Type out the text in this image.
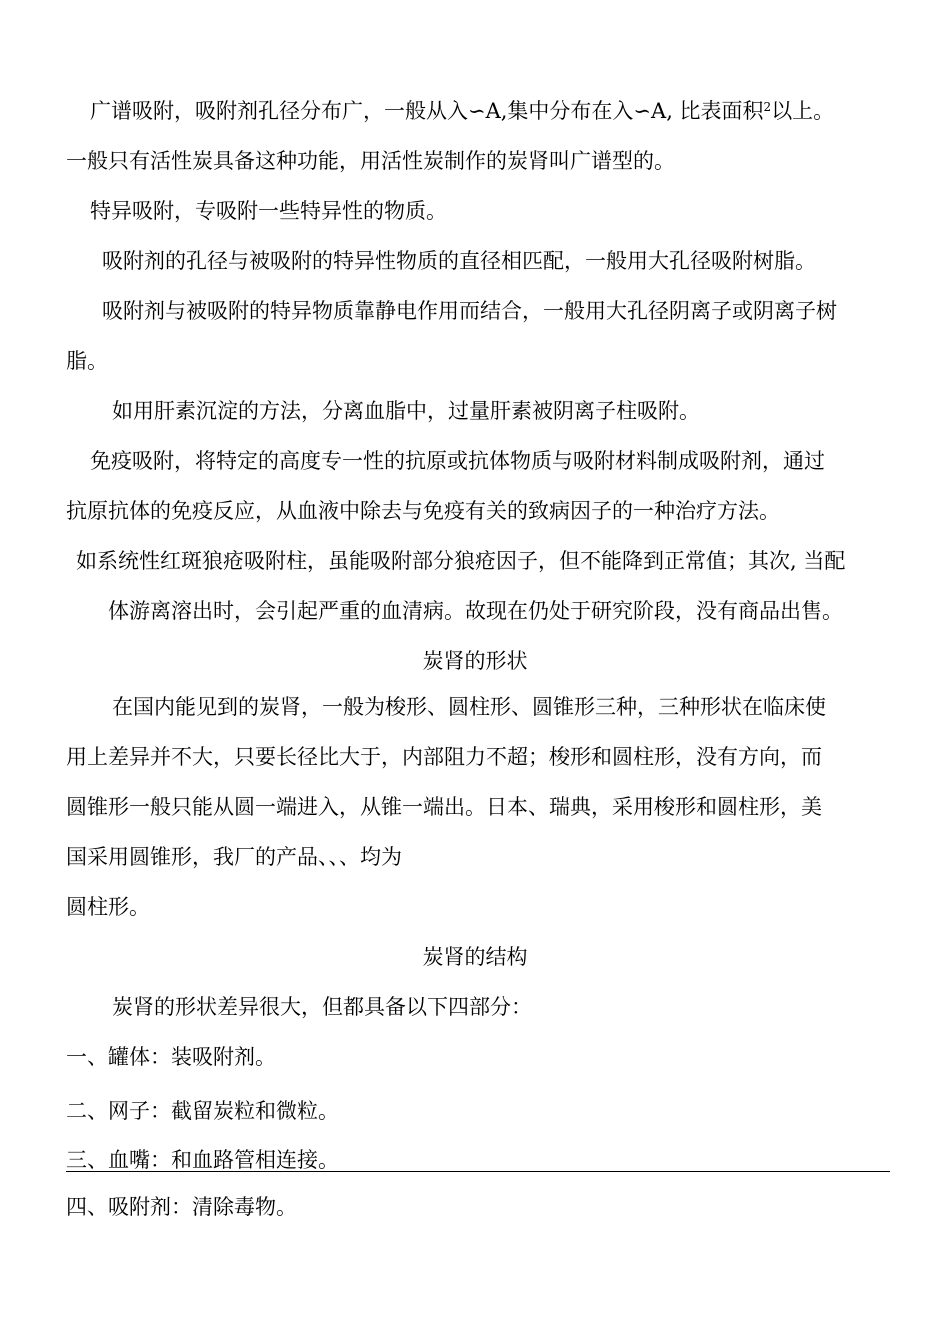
广谱吸附，吸附剂孔径分布广，一般从入∽A,集中分布在入∽A, 比表面积$^2$以上。
一般只有活性炭具备这种功能，用活性炭制作的炭肾叫广谱型的。
特异吸附，专吸附一些特异性的物质。
吸附剂的孔径与被吸附的特异性物质的直径相匹配，一般用大孔径吸附树脂。
吸附剂与被吸附的特异物质靠静电作用而结合，一般用大孔径阴离子或阴离子树
脂。
如用肝素沉淀的方法，分离血脂中，过量肝素被阴离子柱吸附。
免疫吸附，将特定的高度专一性的抗原或抗体物质与吸附材料制成吸附剂，通过
抗原抗体的免疫反应，从血液中除去与免疫有关的致病因子的一种治疗方法。
如系统性红斑狼疮吸附柱，虽能吸附部分狼疮因子，但不能降到正常值；其次, 当配
体游离溶出时，会引起严重的血清病。故现在仍处于研究阶段，没有商品出售。
炭肾的形状
在国内能见到的炭肾，一般为梭形、圆柱形、圆锥形三种，三种形状在临床使
用上差异并不大，只要长径比大于，内部阻力不超；梭形和圆柱形，没有方向，而
圆锥形一般只能从圆一端进入，从锥一端出。日本、瑞典，采用梭形和圆柱形，美
国采用圆锥形，我厂的产品、、、均为
圆柱形。
炭肾的结构
炭肾的形状差异很大，但都具备以下四部分：
一、罐体：装吸附剂。
二、网子：截留炭粒和微粒。
三、血嘴：和血路管相连接。
四、吸附剂：清除毒物。
